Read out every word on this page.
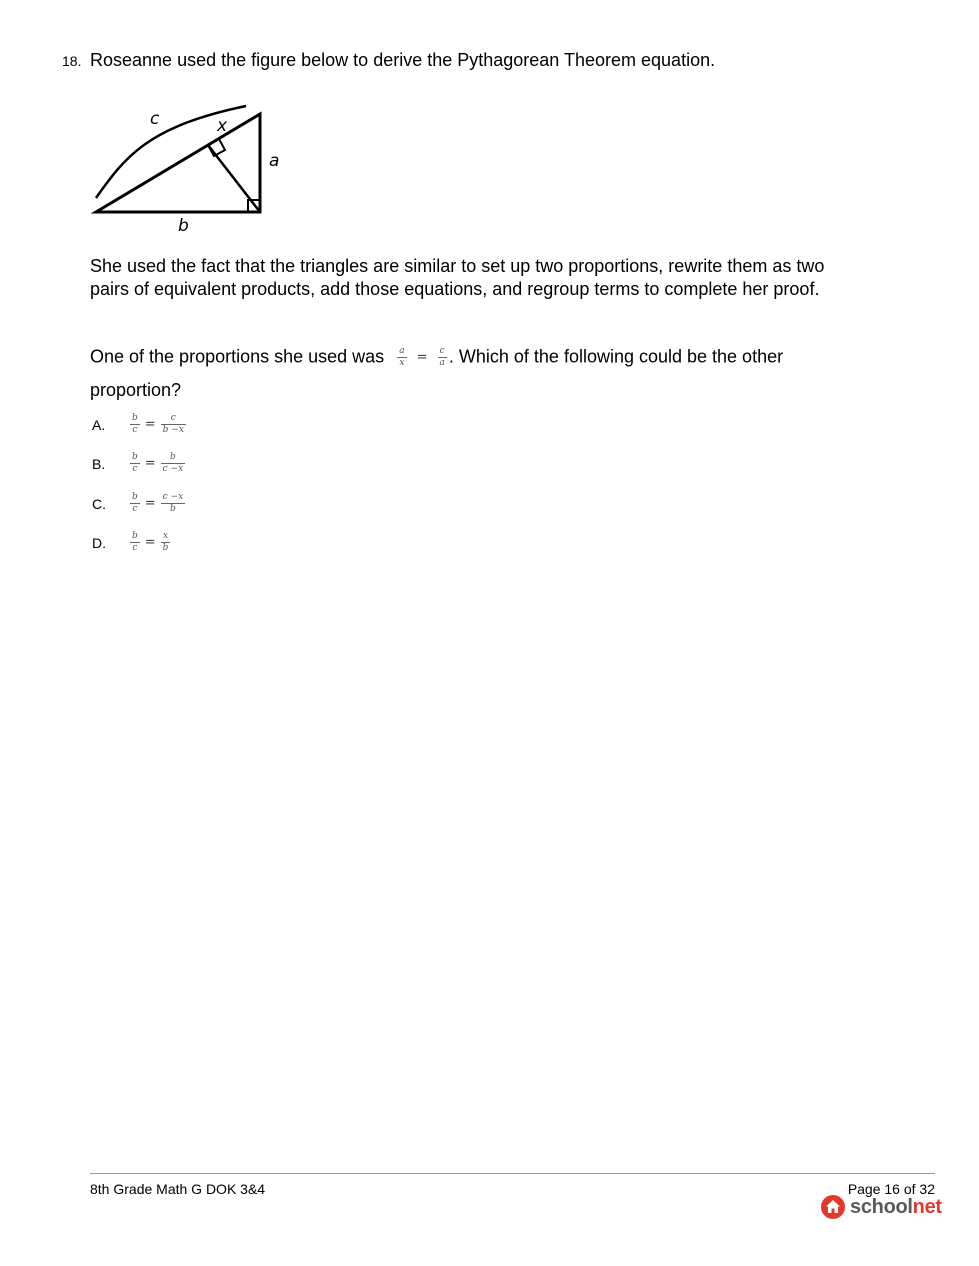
18. Roseanne used the figure below to derive the Pythagorean Theorem equation.
c	x
a
b
She used the fact that the triangles are similar to set up two proportions, rewrite them as two pairs of equivalent products, add those equations, and regroup terms to complete her proof.
One of the proportions she used was $\frac{a}{x} = \frac{c}{a}$ . Which of the following could be the other
proportion?
A.	$\frac{b}{c} = \frac{c}{b -x}$
B.	$\frac{b}{c} = \frac{b}{c -x}$
C.	$\frac{b}{c} = \frac{c -x}{b}$
D.	$\frac{b}{c} = \frac{x}{b}$
8th Grade Math G DOK 3&4	Page 16 of 32
schoolnet
